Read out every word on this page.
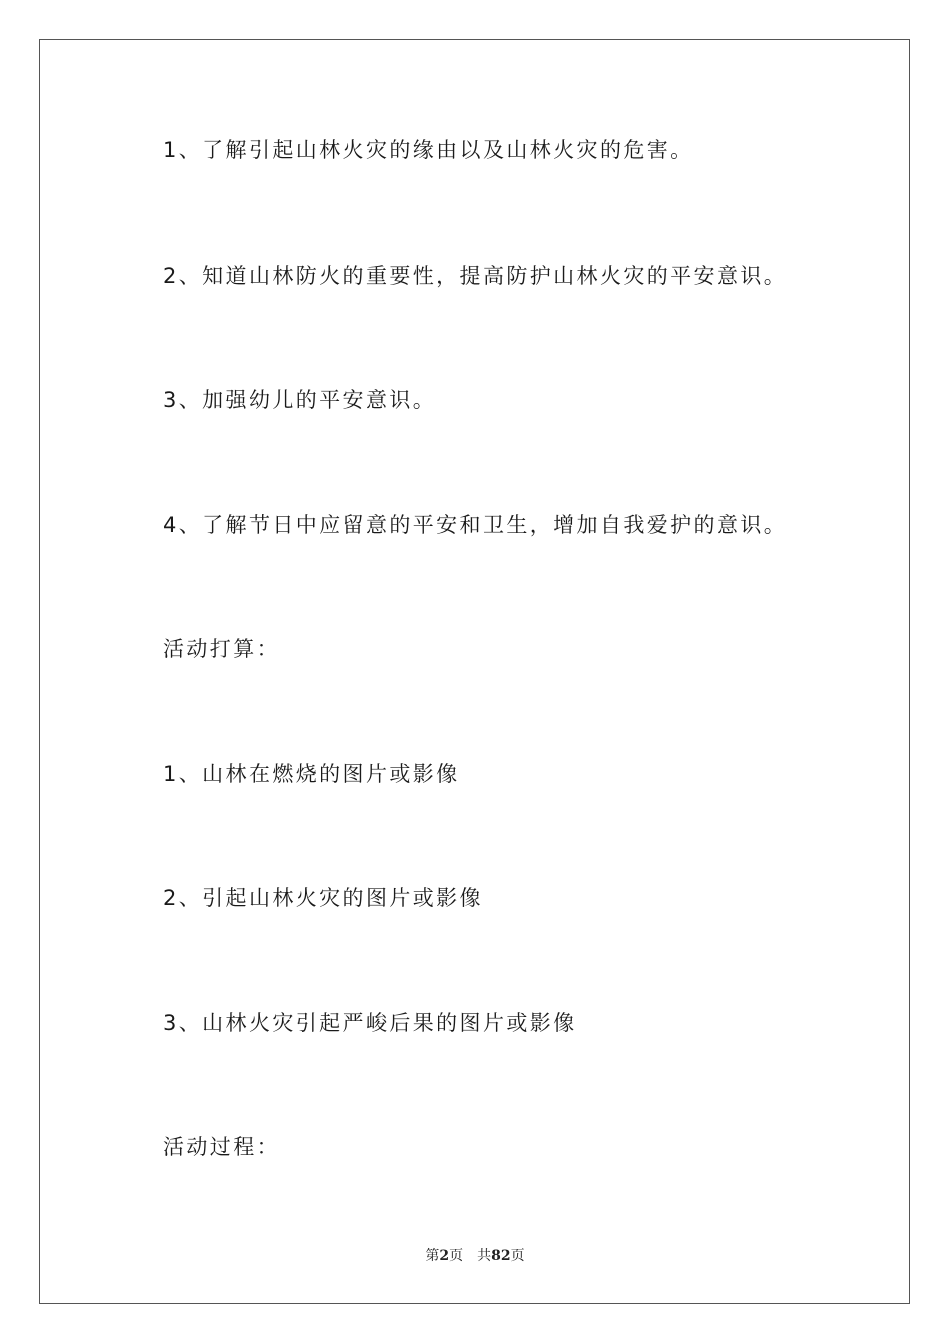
1、了解引起山林火灾的缘由以及山林火灾的危害。
2、知道山林防火的重要性，提高防护山林火灾的平安意识。
3、加强幼儿的平安意识。
4、了解节日中应留意的平安和卫生，增加自我爱护的意识。
活动打算：
1、山林在燃烧的图片或影像
2、引起山林火灾的图片或影像
3、山林火灾引起严峻后果的图片或影像
活动过程：
第2页 共82页
